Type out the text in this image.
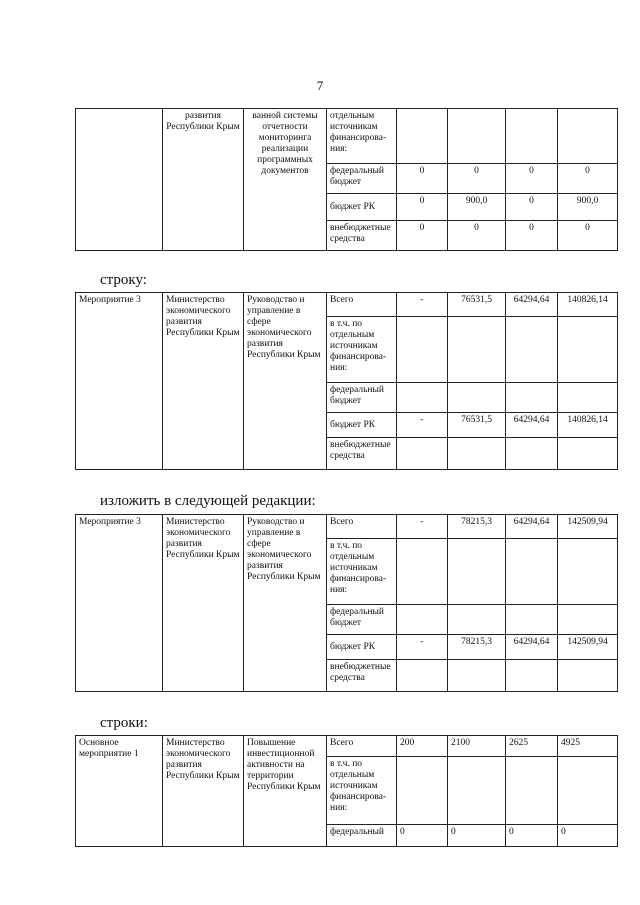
7
	развития Республики Крым	ванной системы отчетности мониторинга реализации программных документов	отдельным источникам финансирова-ния:				
			федеральный бюджет	0	0	0	0
			бюджет РК	0	900,0	0	900,0
			внебюджетные средства	0	0	0	0
строку:
Мероприятие 3	Министерство экономического развития Республики Крым	Руководство и управление в сфере экономического развития Республики Крым	Всего	-	76531,5	64294,64	140826,14
			в т.ч. по отдельным источникам финансирова-ния:				
			федеральный бюджет				
			бюджет РК	-	76531,5	64294,64	140826,14
			внебюджетные средства				
изложить в следующей редакции:
Мероприятие 3	Министерство экономического развития Республики Крым	Руководство и управление в сфере экономического развития Республики Крым	Всего	-	78215,3	64294,64	142509,94
			в т.ч. по отдельным источникам финансирова-ния:				
			федеральный бюджет				
			бюджет РК	-	78215,3	64294,64	142509,94
			внебюджетные средства				
строки:
Основное мероприятие 1	Министерство экономического развития Республики Крым	Повышение инвестиционной активности на территории Республики Крым	Всего	200	2100	2625	4925
			в т.ч. по отдельным источникам финансирова-ния:				
			федеральный	0	0	0	0
